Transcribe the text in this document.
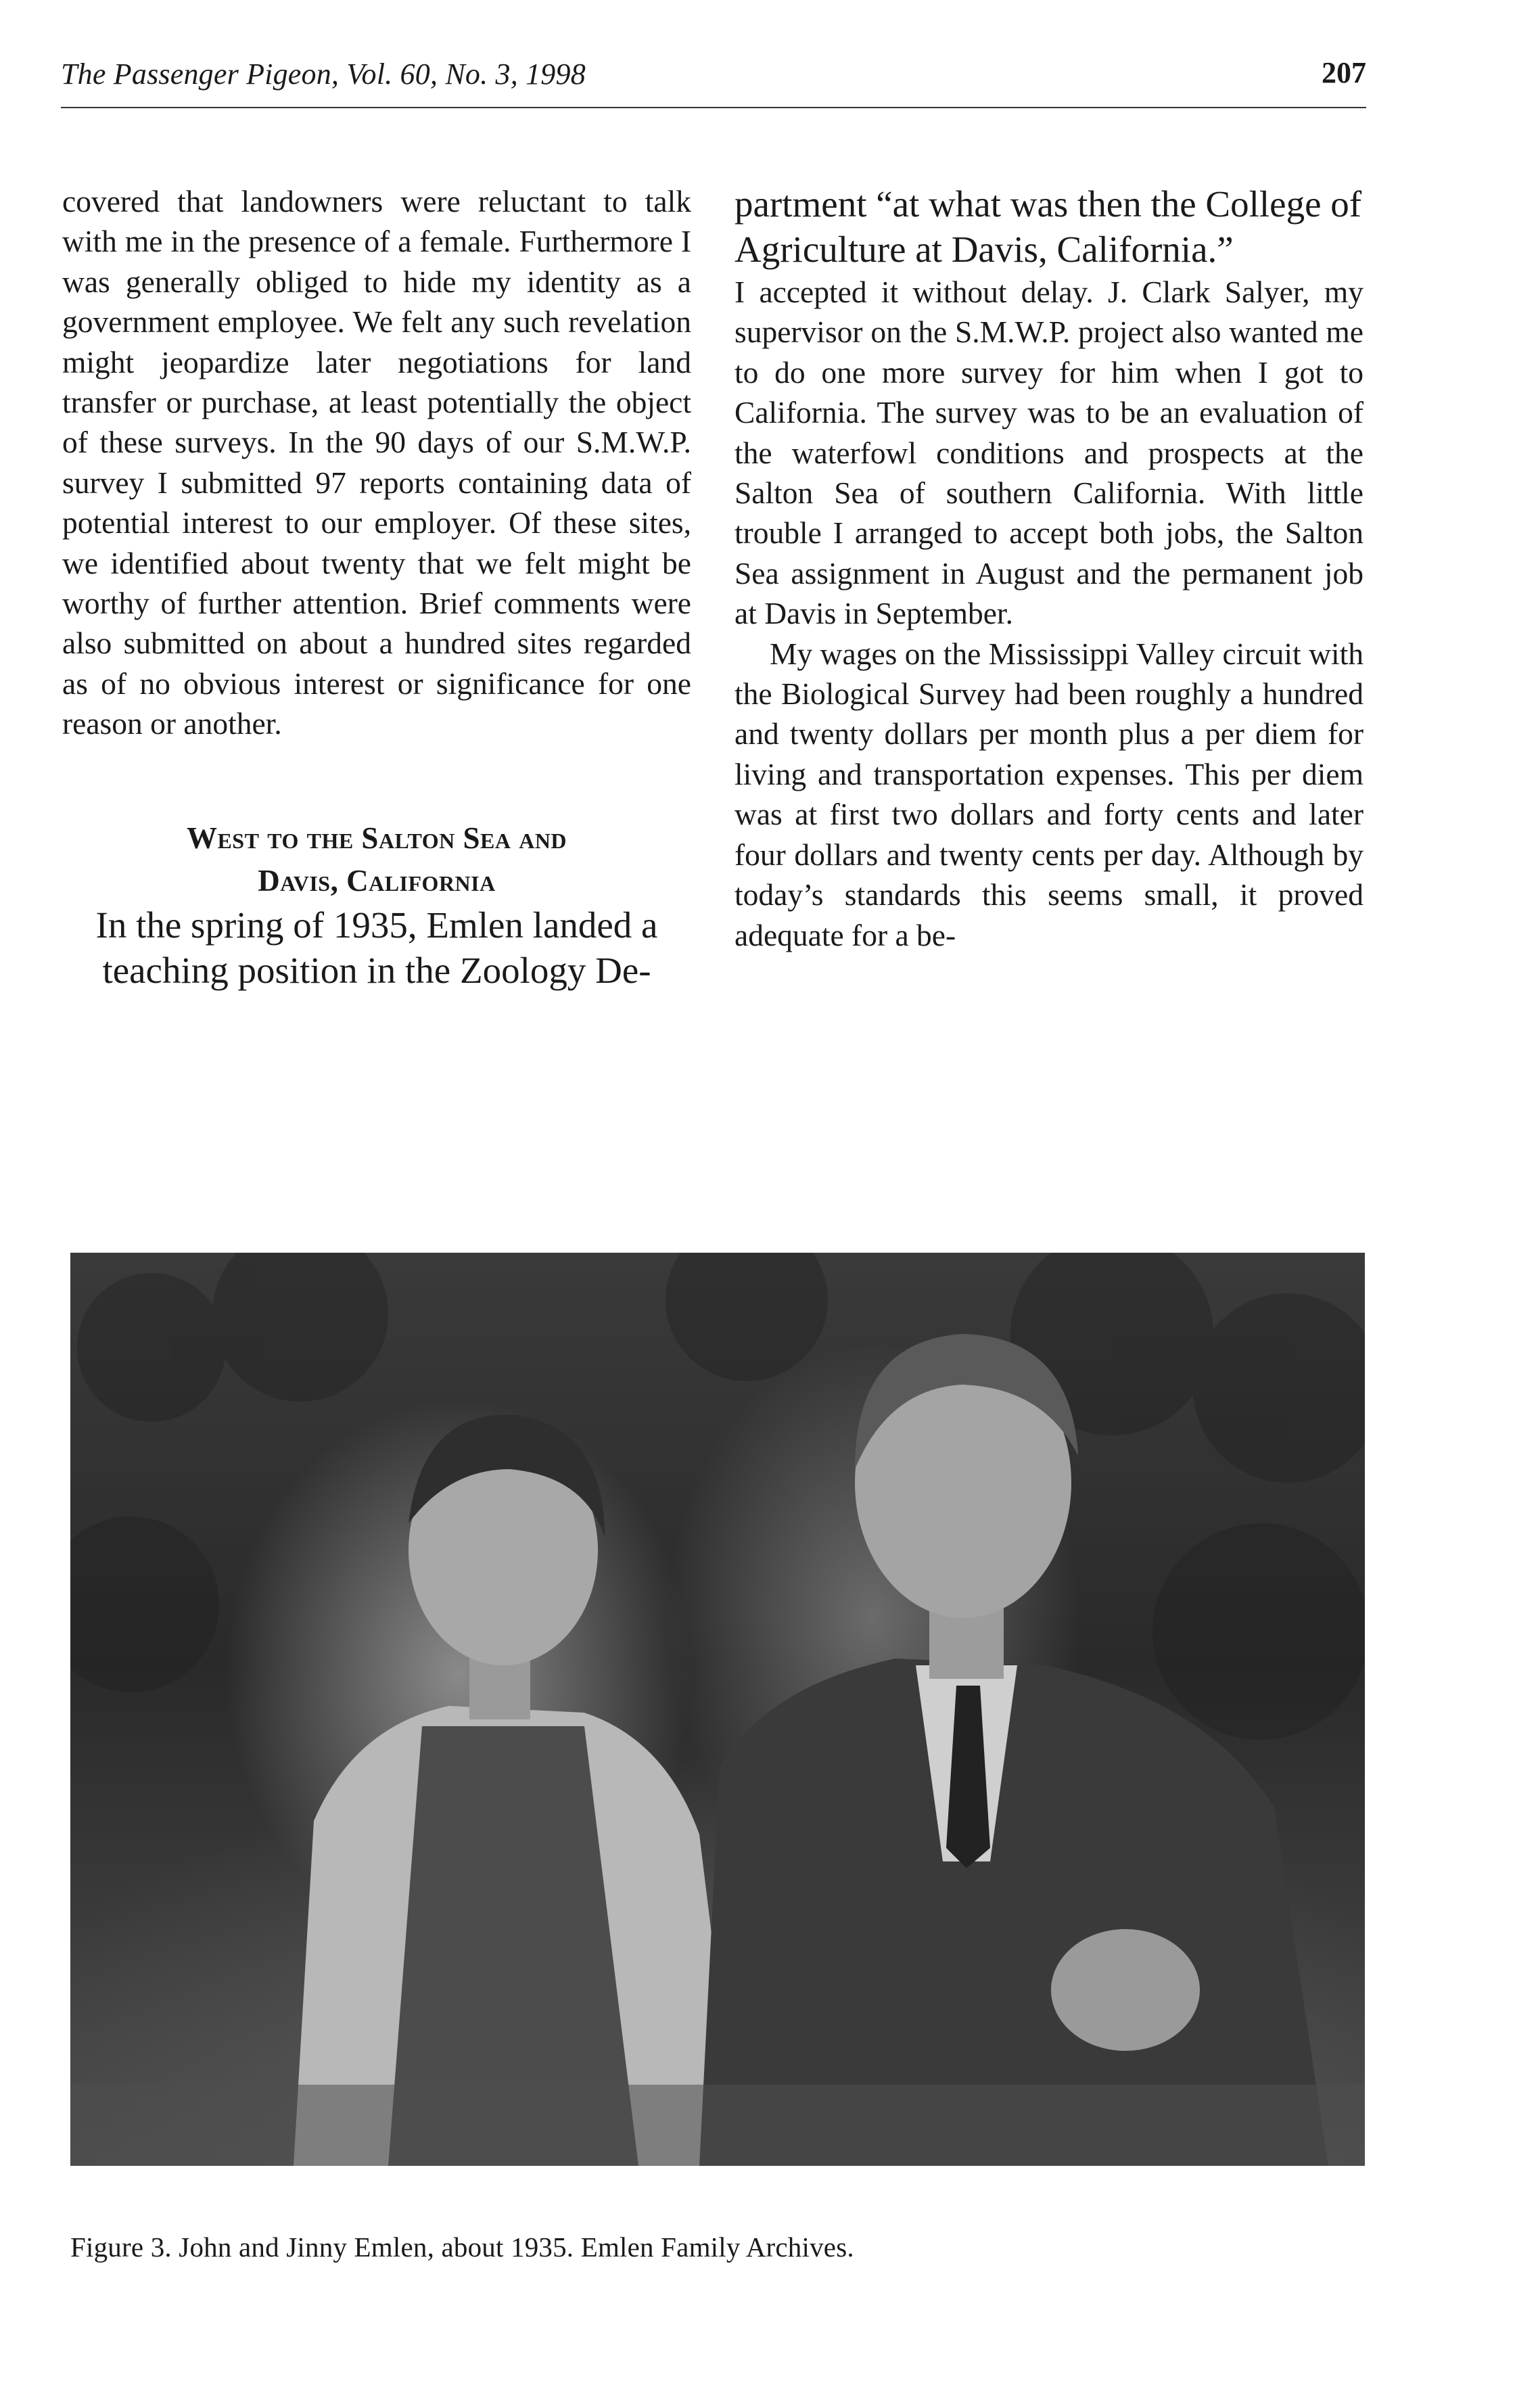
The Passenger Pigeon, Vol. 60, No. 3, 1998	207

covered that landowners were reluctant to talk with me in the presence of a female. Furthermore I was generally obliged to hide my identity as a government employee. We felt any such revelation might jeopardize later negotiations for land transfer or purchase, at least potentially the object of these surveys. In the 90 days of our S.M.W.P. survey I submitted 97 reports containing data of potential interest to our employer. Of these sites, we identified about twenty that we felt might be worthy of further attention. Brief comments were also submitted on about a hundred sites regarded as of no obvious interest or significance for one reason or another.

West to the Salton Sea and
Davis, California

In the spring of 1935, Emlen landed a teaching position in the Zoology De-

partment “at what was then the College of Agriculture at Davis, California.”

I accepted it without delay. J. Clark Salyer, my supervisor on the S.M.W.P. project also wanted me to do one more survey for him when I got to California. The survey was to be an evaluation of the waterfowl conditions and prospects at the Salton Sea of southern California. With little trouble I arranged to accept both jobs, the Salton Sea assignment in August and the permanent job at Davis in September.

My wages on the Mississippi Valley circuit with the Biological Survey had been roughly a hundred and twenty dollars per month plus a per diem for living and transportation expenses. This per diem was at first two dollars and forty cents and later four dollars and twenty cents per day. Although by today’s standards this seems small, it proved adequate for a be-

Figure 3. John and Jinny Emlen, about 1935. Emlen Family Archives.
